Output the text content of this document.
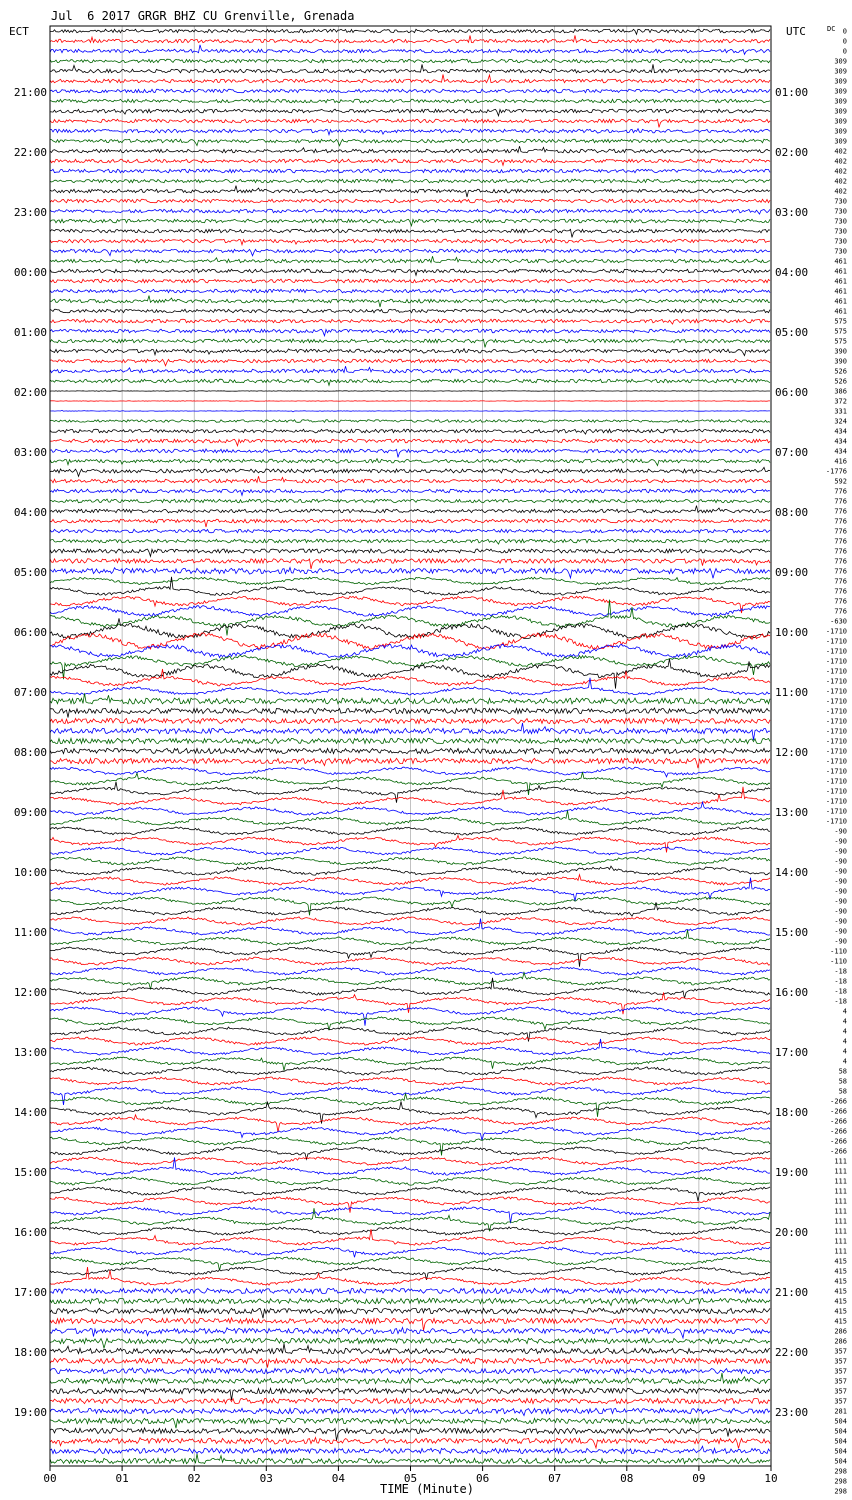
Jul  6 2017 GRGR BHZ CU Grenville, Grenada
ECT	UTC	DC
TIME (Minute)
00	01	02	03	04	05	06	07	08	09	10
21:00
22:00
23:00
00:00
01:00
02:00
03:00
04:00
05:00
06:00
07:00
08:00
09:00
10:00
11:00
12:00
13:00
14:00
15:00
16:00
17:00
18:00
19:00
01:00
02:00
03:00
04:00
05:00
06:00
07:00
08:00
09:00
10:00
11:00
12:00
13:00
14:00
15:00
16:00
17:00
18:00
19:00
20:00
21:00
22:00
23:00
0
0
0
309
309
309
309
309
309
309
309
309
402
402
402
402
402
730
730
730
730
730
730
461
461
461
461
461
461
575
575
575
390
390
526
526
386
372
331
324
434
434
434
416
-1776
592
776
776
776
776
776
776
776
776
776
776
776
776
776
-630
-1710
-1710
-1710
-1710
-1710
-1710
-1710
-1710
-1710
-1710
-1710
-1710
-1710
-1710
-1710
-1710
-1710
-1710
-1710
-1710
-90
-90
-90
-90
-90
-90
-90
-90
-90
-90
-90
-90
-110
-110
-18
-18
-18
-18
4
4
4
4
4
4
58
58
58
-266
-266
-266
-266
-266
-266
111
111
111
111
111
111
111
111
111
111
415
415
415
415
415
415
415
286
286
357
357
357
357
357
357
281
504
504
504
504
504
298
298
298
